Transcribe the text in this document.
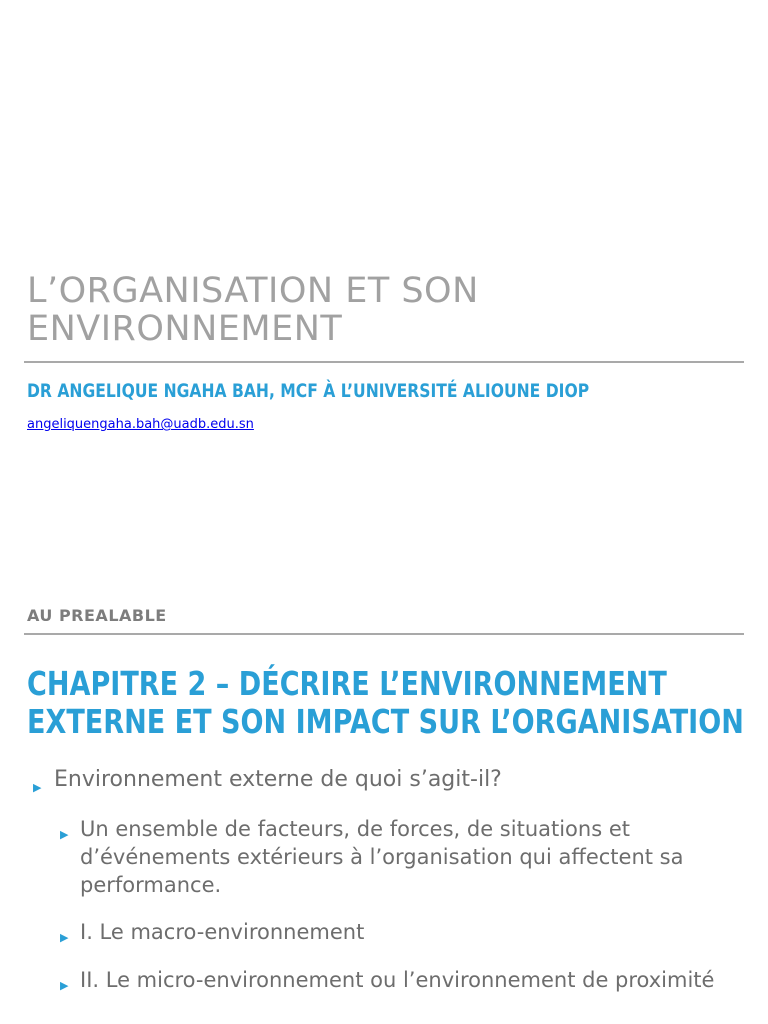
L’ORGANISATION ET SON ENVIRONNEMENT
DR ANGELIQUE NGAHA BAH, MCF À L’UNIVERSITÉ ALIOUNE DIOP
angeliquengaha.bah@uadb.edu.sn
AU PREALABLE
CHAPITRE 2 – DÉCRIRE L’ENVIRONNEMENT EXTERNE ET SON IMPACT SUR L’ORGANISATION
▶ Environnement externe de quoi s’agit-il?
▶ Un ensemble de facteurs, de forces, de situations et d’événements extérieurs à l’organisation qui affectent sa performance.
▶ I. Le macro-environnement
▶ II. Le micro-environnement ou l’environnement de proximité
